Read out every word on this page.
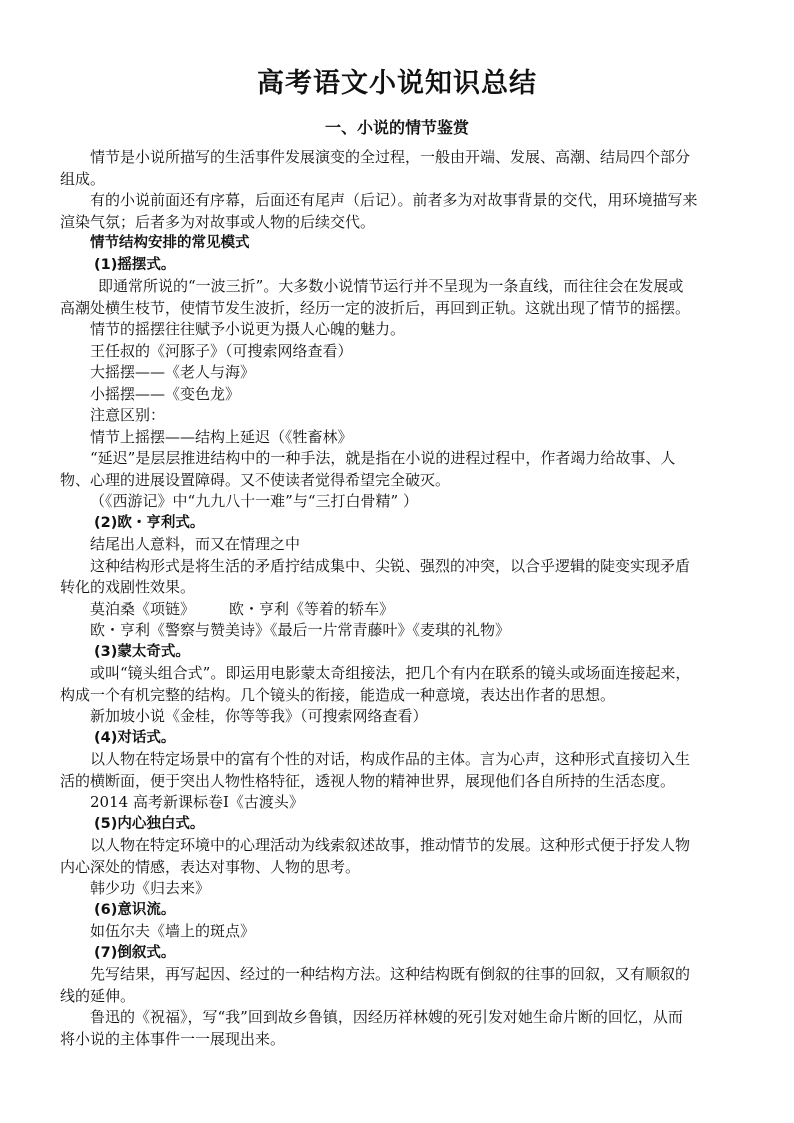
高考语文小说知识总结
一、小说的情节鉴赏

情节是小说所描写的生活事件发展演变的全过程，一般由开端、发展、高潮、结局四个部分

组成。

有的小说前面还有序幕，后面还有尾声（后记）。前者多为对故事背景的交代，用环境描写来

渲染气氛；后者多为对故事或人物的后续交代。

情节结构安排的常见模式

(1)摇摆式。

即通常所说的“一波三折”。大多数小说情节运行并不呈现为一条直线，而往往会在发展或

高潮处横生枝节，使情节发生波折，经历一定的波折后，再回到正轨。这就出现了情节的摇摆。

情节的摇摆往往赋予小说更为摄人心魄的魅力。

王任叔的《河豚子》（可搜索网络查看）

大摇摆——《老人与海》

小摇摆——《变色龙》

注意区别：

情节上摇摆——结构上延迟（《牲畜林》

“延迟”是层层推进结构中的一种手法，就是指在小说的进程过程中，作者竭力给故事、人

物、心理的进展设置障碍。又不使读者觉得希望完全破灭。

（《西游记》中“九九八十一难”与“三打白骨精” ）

(2)欧・亨利式。

结尾出人意料，而又在情理之中

这种结构形式是将生活的矛盾拧结成集中、尖锐、强烈的冲突，以合乎逻辑的陡变实现矛盾

转化的戏剧性效果。

莫泊桑《项链》 欧・亨利《等着的轿车》

欧・亨利《警察与赞美诗》《最后一片常青藤叶》《麦琪的礼物》

(3)蒙太奇式。

或叫“镜头组合式”。即运用电影蒙太奇组接法，把几个有内在联系的镜头或场面连接起来，

构成一个有机完整的结构。几个镜头的衔接，能造成一种意境，表达出作者的思想。

新加坡小说《金桂，你等等我》（可搜索网络查看）

(4)对话式。

以人物在特定场景中的富有个性的对话，构成作品的主体。言为心声，这种形式直接切入生

活的横断面，便于突出人物性格特征，透视人物的精神世界，展现他们各自所持的生活态度。

2014 高考新课标卷Ⅰ《古渡头》

(5)内心独白式。

以人物在特定环境中的心理活动为线索叙述故事，推动情节的发展。这种形式便于抒发人物

内心深处的情感，表达对事物、人物的思考。

韩少功《归去来》

(6)意识流。

如伍尔夫《墙上的斑点》

(7)倒叙式。

先写结果，再写起因、经过的一种结构方法。这种结构既有倒叙的往事的回叙，又有顺叙的

线的延伸。

鲁迅的《祝福》，写“我”回到故乡鲁镇，因经历祥林嫂的死引发对她生命片断的回忆，从而

将小说的主体事件一一展现出来。
